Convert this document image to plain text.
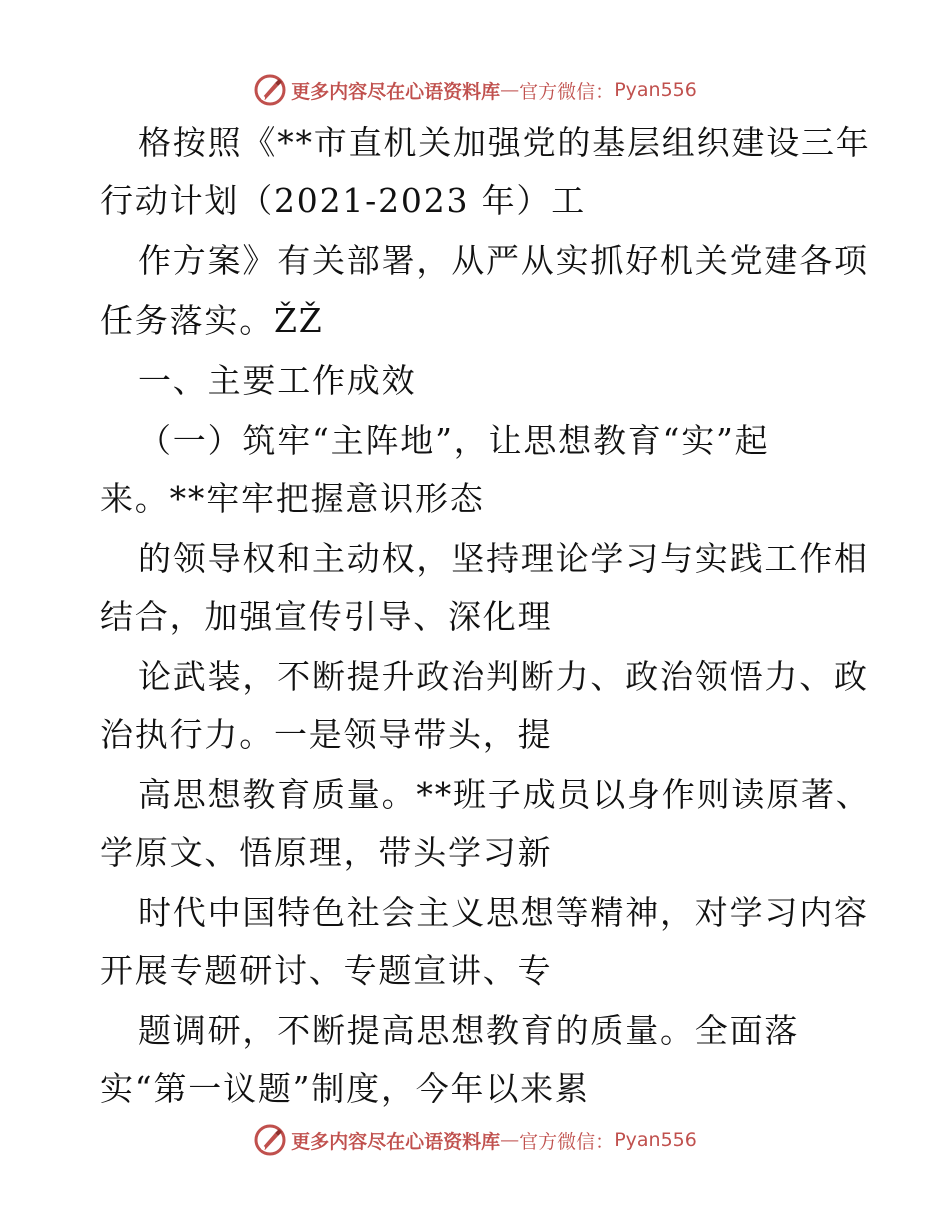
更多内容尽在心语资料库 — 官方微信： Pyan556
格按照《**市直机关加强党的基层组织建设三年
行动计划（2021-2023 年）工
作方案》有关部署，从严从实抓好机关党建各项
任务落实。ŽŽ
一、主要工作成效
（一）筑牢“主阵地”，让思想教育“实”起
来。**牢牢把握意识形态
的领导权和主动权，坚持理论学习与实践工作相
结合，加强宣传引导、深化理
论武装，不断提升政治判断力、政治领悟力、政
治执行力。一是领导带头，提
高思想教育质量。**班子成员以身作则读原著、
学原文、悟原理，带头学习新
时代中国特色社会主义思想等精神，对学习内容
开展专题研讨、专题宣讲、专
题调研，不断提高思想教育的质量。全面落
实“第一议题”制度，今年以来累
更多内容尽在心语资料库 — 官方微信： Pyan556
